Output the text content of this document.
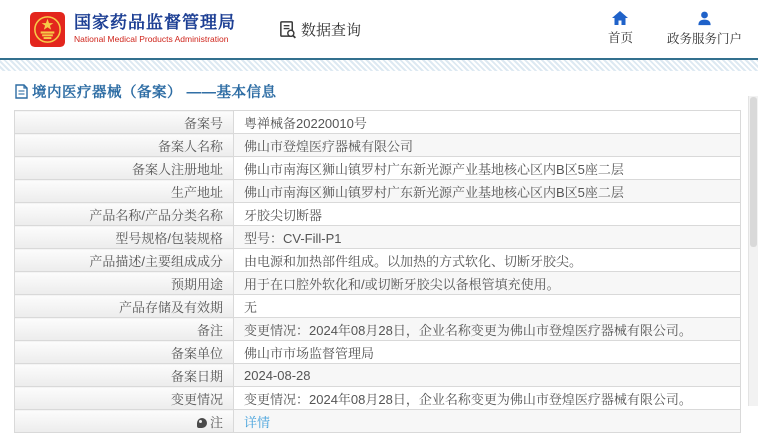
国家药品监督管理局
National Medical Products Administration
数据查询	首页	政务服务门户
境内医疗器械（备案） ——基本信息
备案号	粤禅械备20220010号
备案人名称	佛山市登煌医疗器械有限公司
备案人注册地址	佛山市南海区狮山镇罗村广东新光源产业基地核心区内B区5座二层
生产地址	佛山市南海区狮山镇罗村广东新光源产业基地核心区内B区5座二层
产品名称/产品分类名称	牙胶尖切断器
型号规格/包装规格	型号：CV-Fill-P1
产品描述/主要组成成分	由电源和加热部件组成。以加热的方式软化、切断牙胶尖。
预期用途	用于在口腔外软化和/或切断牙胶尖以备根管填充使用。
产品存储及有效期	无
备注	变更情况：2024年08月28日，企业名称变更为佛山市登煌医疗器械有限公司。
备案单位	佛山市市场监督管理局
备案日期	2024-08-28
变更情况	变更情况：2024年08月28日，企业名称变更为佛山市登煌医疗器械有限公司。
注	详情
